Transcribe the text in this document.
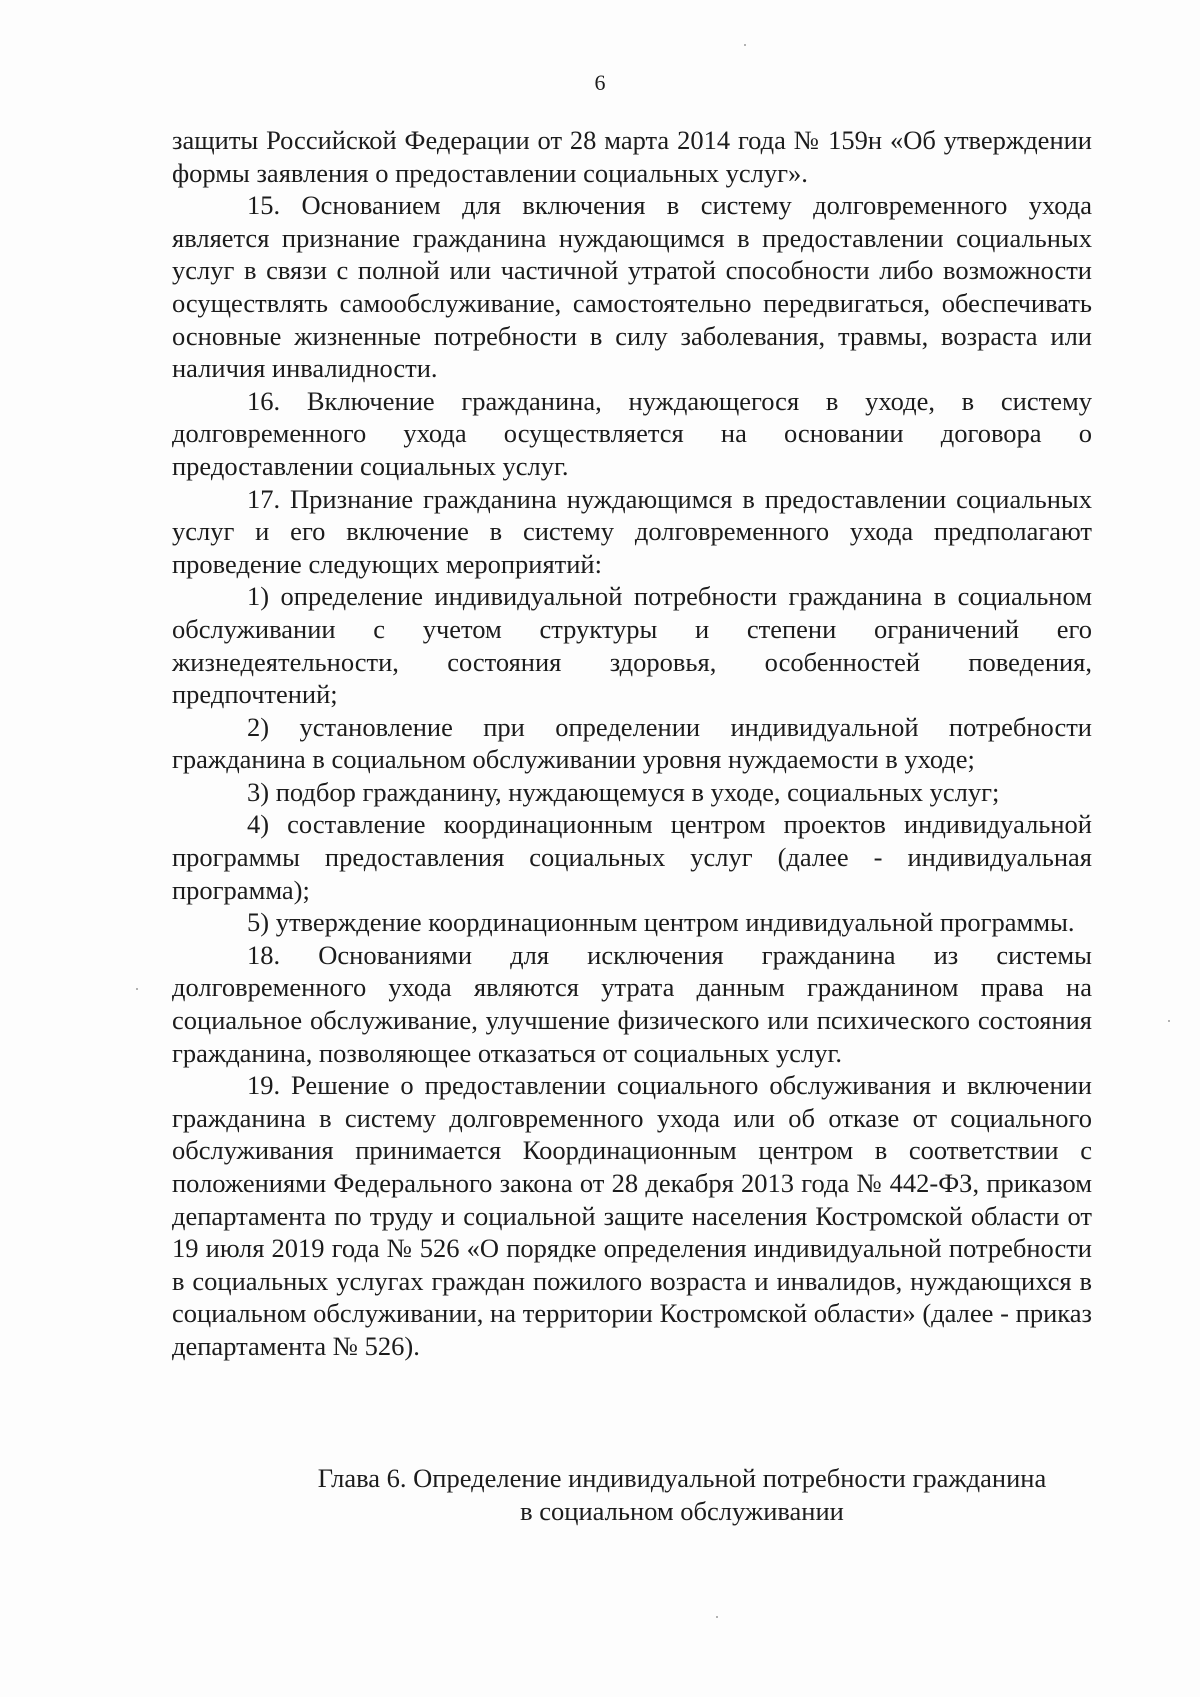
6

защиты Российской Федерации от 28 марта 2014 года № 159н «Об утверждении формы заявления о предоставлении социальных услуг».

15. Основанием для включения в систему долговременного ухода является признание гражданина нуждающимся в предоставлении социальных услуг в связи с полной или частичной утратой способности либо возможности осуществлять самообслуживание, самостоятельно передвигаться, обеспечивать основные жизненные потребности в силу заболевания, травмы, возраста или наличия инвалидности.

16. Включение гражданина, нуждающегося в уходе, в систему долговременного ухода осуществляется на основании договора о предоставлении социальных услуг.

17. Признание гражданина нуждающимся в предоставлении социальных услуг и его включение в систему долговременного ухода предполагают проведение следующих мероприятий:

1) определение индивидуальной потребности гражданина в социальном обслуживании с учетом структуры и степени ограничений его жизнедеятельности, состояния здоровья, особенностей поведения, предпочтений;

2) установление при определении индивидуальной потребности гражданина в социальном обслуживании уровня нуждаемости в уходе;

3) подбор гражданину, нуждающемуся в уходе, социальных услуг;

4) составление координационным центром проектов индивидуальной программы предоставления социальных услуг (далее - индивидуальная программа);

5) утверждение координационным центром индивидуальной программы.

18. Основаниями для исключения гражданина из системы долговременного ухода являются утрата данным гражданином права на социальное обслуживание, улучшение физического или психического состояния гражданина, позволяющее отказаться от социальных услуг.

19. Решение о предоставлении социального обслуживания и включении гражданина в систему долговременного ухода или об отказе от социального обслуживания принимается Координационным центром в соответствии с положениями Федерального закона от 28 декабря 2013 года № 442-ФЗ, приказом департамента по труду и социальной защите населения Костромской области от 19 июля 2019 года № 526 «О порядке определения индивидуальной потребности в социальных услугах граждан пожилого возраста и инвалидов, нуждающихся в социальном обслуживании, на территории Костромской области» (далее - приказ департамента № 526).

Глава 6. Определение индивидуальной потребности гражданина
в социальном обслуживании
